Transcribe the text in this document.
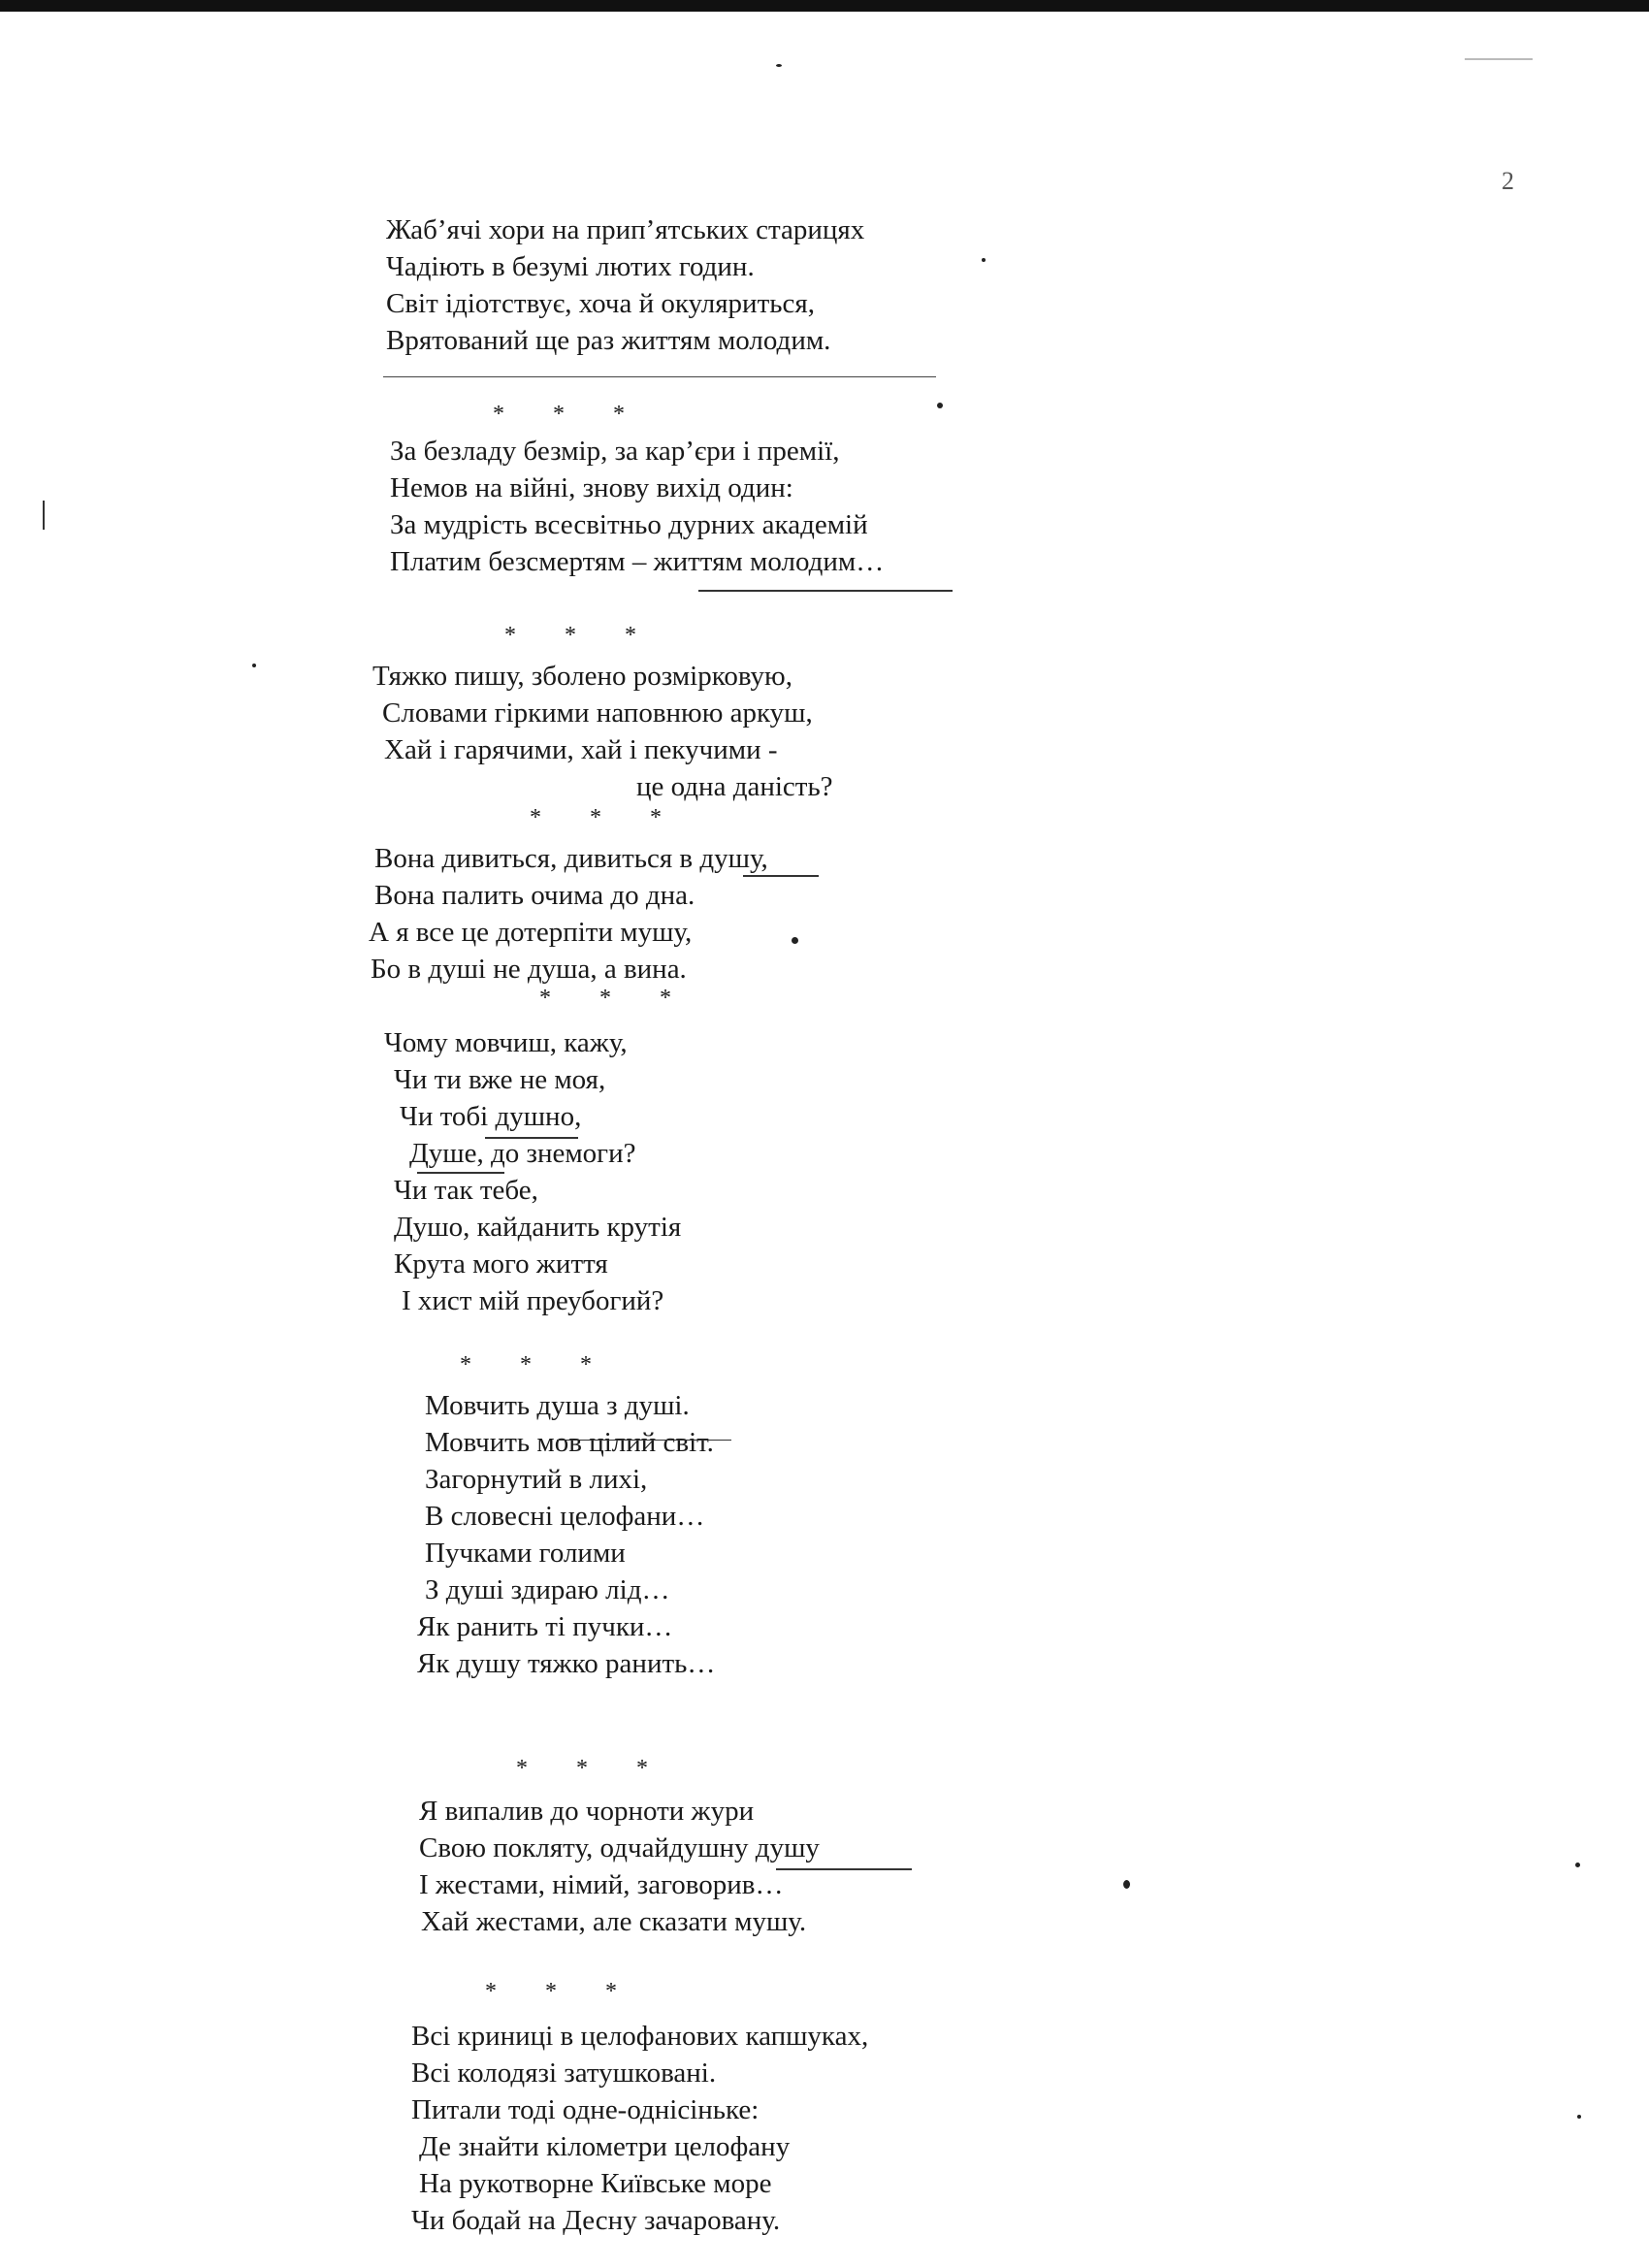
2
Жаб’ячі хори на прип’ятських старицях
Чадіють в безумі лютих годин.
Світ ідіотствує, хоча й окуляриться,
Врятований ще раз життям молодим.
* * *
За безладу безмір, за кар’єри і премії,
Немов на війні, знову вихід один:
За мудрість всесвітньо дурних академій
Платим безсмертям – життям молодим…
* * *
Тяжко пишу, зболено розмірковую,
Словами гіркими наповнюю аркуш,
Хай і гарячими, хай і пекучими -
це одна даність?
* * *
Вона дивиться, дивиться в душу,
Вона палить очима до дна.
А я все це дотерпіти мушу,
Бо в душі не душа, а вина.
* * *
Чому мовчиш, кажу,
Чи ти вже не моя,
Чи тобі душно,
Душе, до знемоги?
Чи так тебе,
Душо, кайданить крутія
Крута мого життя
І хист мій преубогий?
* * *
Мовчить душа з душі.
Мовчить мов цілий світ.
Загорнутий в лихі,
В словесні целофани…
Пучками голими
З душі здираю лід…
Як ранить ті пучки…
Як душу тяжко ранить…
* * *
Я випалив до чорноти жури
Свою покляту, одчайдушну душу
І жестами, німий, заговорив…
Хай жестами, але сказати мушу.
* * *
Всі криниці в целофанових капшуках,
Всі колодязі затушковані.
Питали тоді одне-однісіньке:
Де знайти кілометри целофану
На рукотворне Київське море
Чи бодай на Десну зачаровану.
